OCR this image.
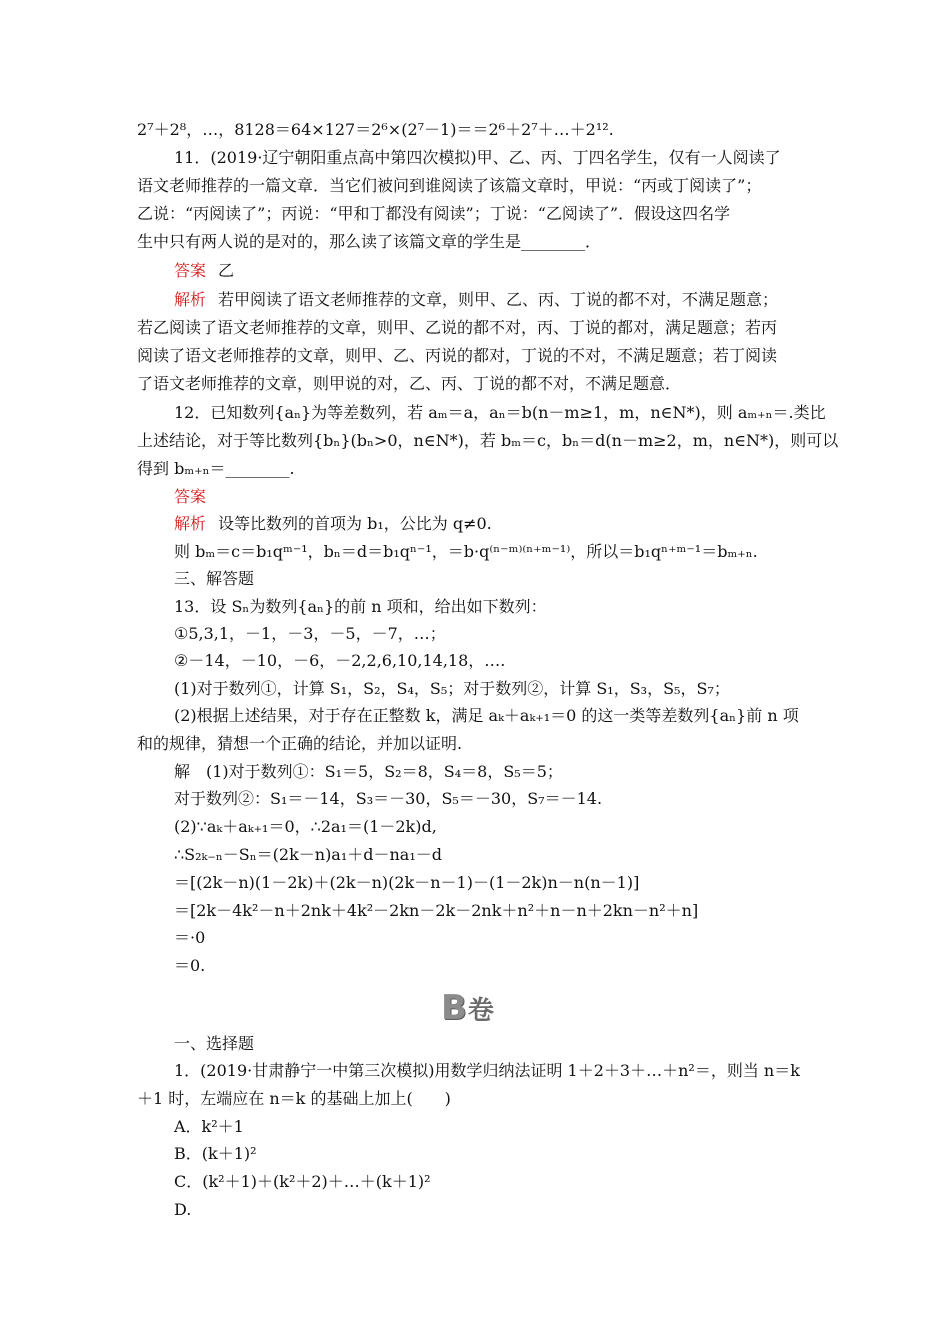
2⁷＋2⁸，…，8128＝64×127＝2⁶×(2⁷－1)＝＝2⁶＋2⁷＋…＋2¹².
11．(2019·辽宁朝阳重点高中第四次模拟)甲、乙、丙、丁四名学生，仅有一人阅读了
语文老师推荐的一篇文章．当它们被问到谁阅读了该篇文章时，甲说：“丙或丁阅读了”；
乙说：“丙阅读了”；丙说：“甲和丁都没有阅读”；丁说：“乙阅读了”．假设这四名学
生中只有两人说的是对的，那么读了该篇文章的学生是________．
答案 乙
解析 若甲阅读了语文老师推荐的文章，则甲、乙、丙、丁说的都不对，不满足题意；
若乙阅读了语文老师推荐的文章，则甲、乙说的都不对，丙、丁说的都对，满足题意；若丙
阅读了语文老师推荐的文章，则甲、乙、丙说的都对，丁说的不对，不满足题意；若丁阅读
了语文老师推荐的文章，则甲说的对，乙、丙、丁说的都不对，不满足题意．
12．已知数列{aₙ}为等差数列，若 aₘ＝a，aₙ＝b(n－m≥1，m，n∈N*)，则 aₘ₊ₙ＝.类比
上述结论，对于等比数列{bₙ}(bₙ>0，n∈N*)，若 bₘ＝c，bₙ＝d(n－m≥2，m，n∈N*)，则可以
得到 bₘ₊ₙ＝________.
答案
解析 设等比数列的首项为 b₁，公比为 q≠0.
则 bₘ＝c＝b₁qᵐ⁻¹，bₙ＝d＝b₁qⁿ⁻¹，＝b·q⁽ⁿ⁻ᵐ⁾⁽ⁿ⁺ᵐ⁻¹⁾，所以＝b₁qⁿ⁺ᵐ⁻¹＝bₘ₊ₙ.
三、解答题
13．设 Sₙ为数列{aₙ}的前 n 项和，给出如下数列：
①5,3,1，－1，－3，－5，－7，…；
②－14，－10，－6，－2,2,6,10,14,18，….
(1)对于数列①，计算 S₁，S₂，S₄，S₅；对于数列②，计算 S₁，S₃，S₅，S₇；
(2)根据上述结果，对于存在正整数 k，满足 aₖ＋aₖ₊₁＝0 的这一类等差数列{aₙ}前 n 项
和的规律，猜想一个正确的结论，并加以证明.
解　(1)对于数列①：S₁＝5，S₂＝8，S₄＝8，S₅＝5；
对于数列②：S₁＝－14，S₃＝－30，S₅＝－30，S₇＝－14.
(2)∵aₖ＋aₖ₊₁＝0，∴2a₁＝(1－2k)d,
∴S₂ₖ₋ₙ－Sₙ＝(2k－n)a₁＋d－na₁－d
＝[(2k－n)(1－2k)＋(2k－n)(2k－n－1)－(1－2k)n－n(n－1)]
＝[2k－4k²－n＋2nk＋4k²－2kn－2k－2nk＋n²＋n－n＋2kn－n²＋n]
＝·0
＝0.
B 卷
一、选择题
1．(2019·甘肃静宁一中第三次模拟)用数学归纳法证明 1＋2＋3＋…＋n²＝，则当 n＝k
＋1 时，左端应在 n＝k 的基础上加上(　　)
A．k²＋1
B．(k＋1)²
C．(k²＋1)＋(k²＋2)＋…＋(k＋1)²
D.
